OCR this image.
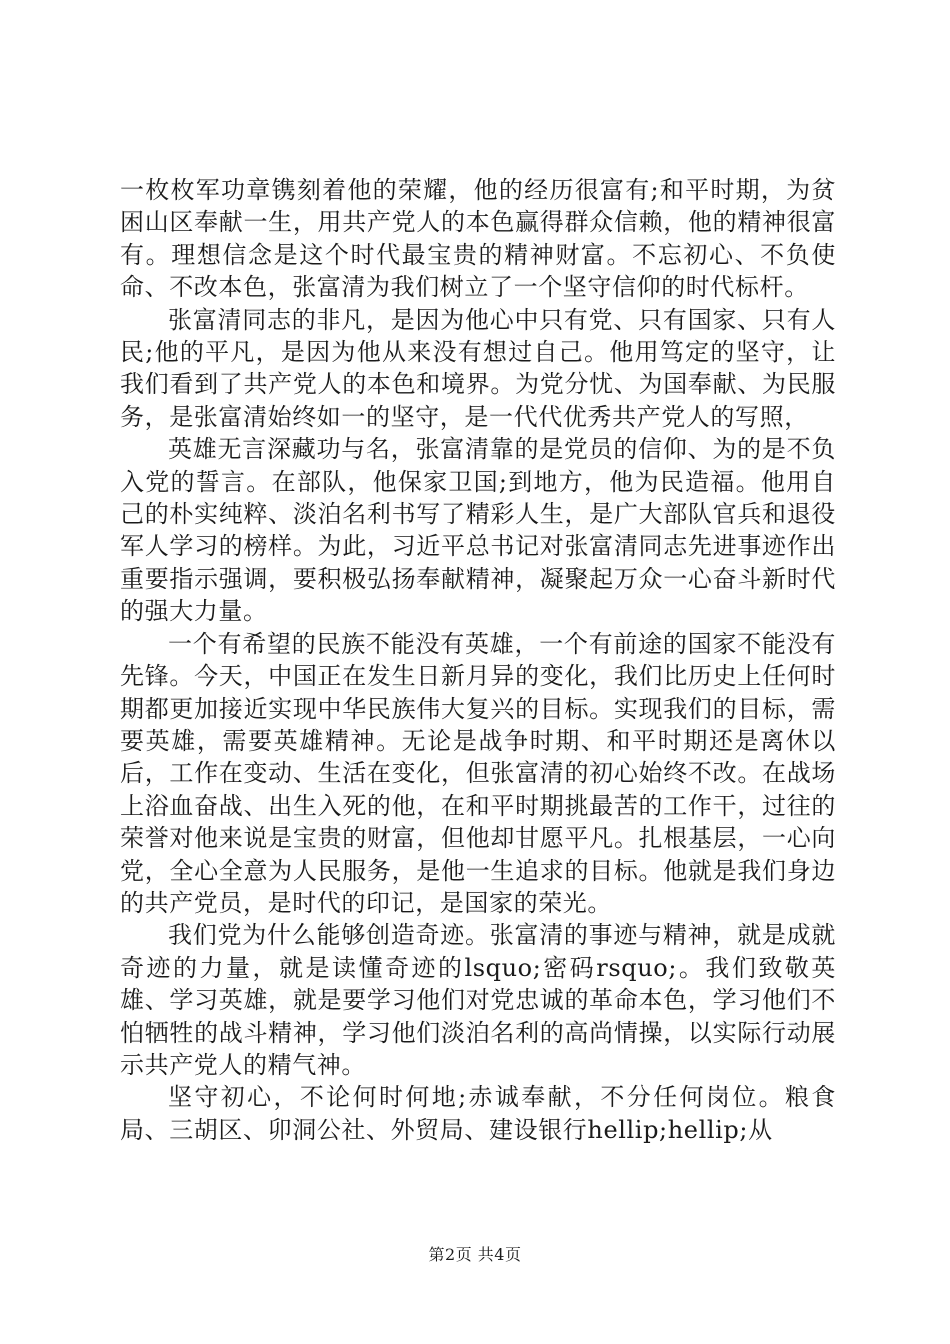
一枚枚军功章镌刻着他的荣耀，他的经历很富有;和平时期，为贫困山区奉献一生，用共产党人的本色赢得群众信赖，他的精神很富有。理想信念是这个时代最宝贵的精神财富。不忘初心、不负使命、不改本色，张富清为我们树立了一个坚守信仰的时代标杆。

张富清同志的非凡，是因为他心中只有党、只有国家、只有人民;他的平凡，是因为他从来没有想过自己。他用笃定的坚守，让我们看到了共产党人的本色和境界。为党分忧、为国奉献、为民服务，是张富清始终如一的坚守，是一代代优秀共产党人的写照，

英雄无言深藏功与名，张富清靠的是党员的信仰、为的是不负入党的誓言。在部队，他保家卫国;到地方，他为民造福。他用自己的朴实纯粹、淡泊名利书写了精彩人生，是广大部队官兵和退役军人学习的榜样。为此，习近平总书记对张富清同志先进事迹作出重要指示强调，要积极弘扬奉献精神，凝聚起万众一心奋斗新时代的强大力量。

一个有希望的民族不能没有英雄，一个有前途的国家不能没有先锋。今天，中国正在发生日新月异的变化，我们比历史上任何时期都更加接近实现中华民族伟大复兴的目标。实现我们的目标，需要英雄，需要英雄精神。无论是战争时期、和平时期还是离休以后，工作在变动、生活在变化，但张富清的初心始终不改。在战场上浴血奋战、出生入死的他，在和平时期挑最苦的工作干，过往的荣誉对他来说是宝贵的财富，但他却甘愿平凡。扎根基层，一心向党，全心全意为人民服务，是他一生追求的目标。他就是我们身边的共产党员，是时代的印记，是国家的荣光。

我们党为什么能够创造奇迹。张富清的事迹与精神，就是成就奇迹的力量，就是读懂奇迹的lsquo;密码rsquo;。我们致敬英雄、学习英雄，就是要学习他们对党忠诚的革命本色，学习他们不怕牺牲的战斗精神，学习他们淡泊名利的高尚情操，以实际行动展示共产党人的精气神。

坚守初心，不论何时何地;赤诚奉献，不分任何岗位。粮食局、三胡区、卯洞公社、外贸局、建设银行hellip;hellip;从

第2页 共4页
